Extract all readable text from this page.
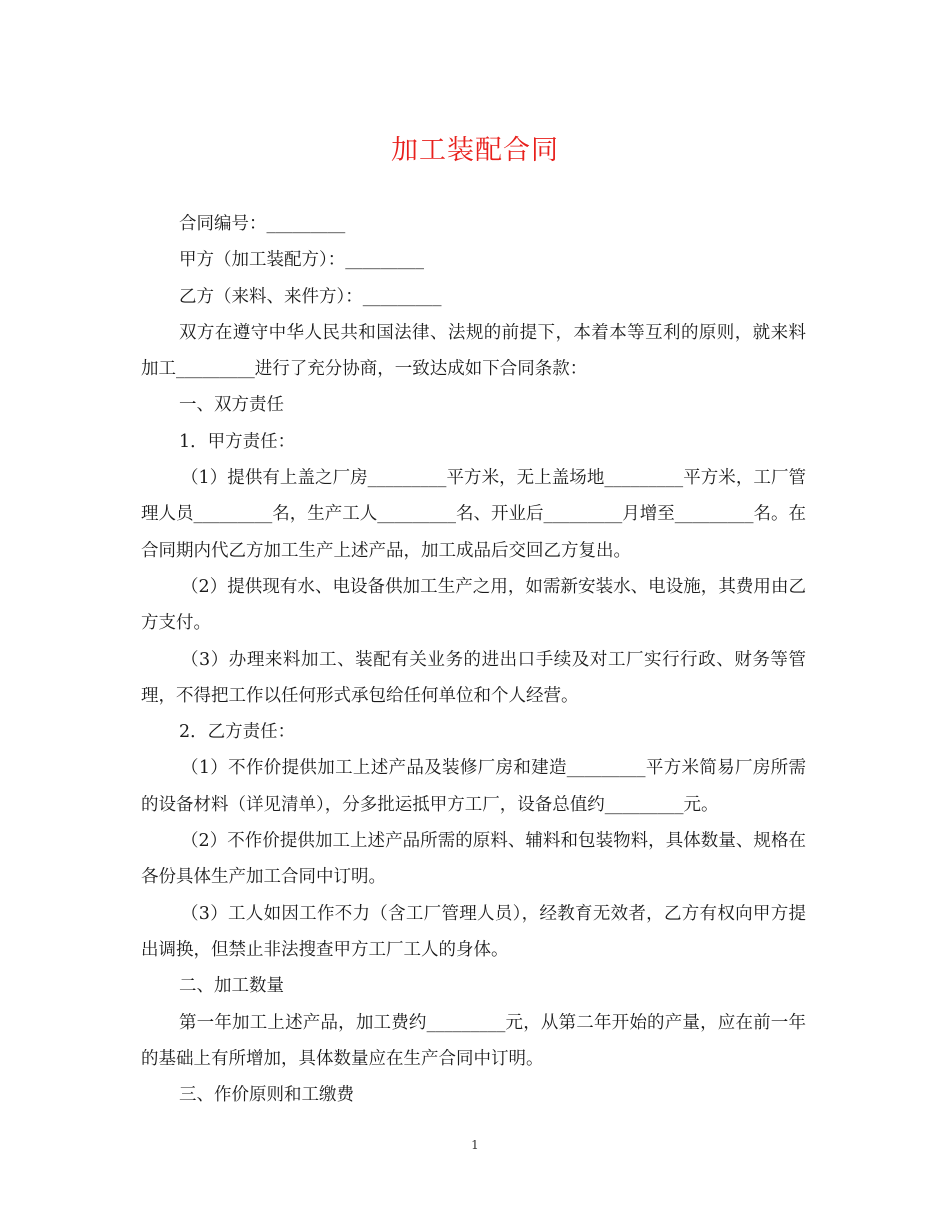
加工装配合同

合同编号：_________

甲方（加工装配方）：_________

乙方（来料、来件方）：_________

双方在遵守中华人民共和国法律、法规的前提下，本着本等互利的原则，就来料加工_________进行了充分协商，一致达成如下合同条款：

一、双方责任

1．甲方责任：

（1）提供有上盖之厂房_________平方米，无上盖场地_________平方米，工厂管理人员_________名，生产工人_________名、开业后_________月增至_________名。在合同期内代乙方加工生产上述产品，加工成品后交回乙方复出。

（2）提供现有水、电设备供加工生产之用，如需新安装水、电设施，其费用由乙方支付。

（3）办理来料加工、装配有关业务的进出口手续及对工厂实行行政、财务等管理，不得把工作以任何形式承包给任何单位和个人经营。

2．乙方责任：

（1）不作价提供加工上述产品及装修厂房和建造_________平方米简易厂房所需的设备材料（详见清单），分多批运抵甲方工厂，设备总值约_________元。

（2）不作价提供加工上述产品所需的原料、辅料和包装物料，具体数量、规格在各份具体生产加工合同中订明。

（3）工人如因工作不力（含工厂管理人员），经教育无效者，乙方有权向甲方提出调换，但禁止非法搜查甲方工厂工人的身体。

二、加工数量

第一年加工上述产品，加工费约_________元，从第二年开始的产量，应在前一年的基础上有所增加，具体数量应在生产合同中订明。

三、作价原则和工缴费

1
